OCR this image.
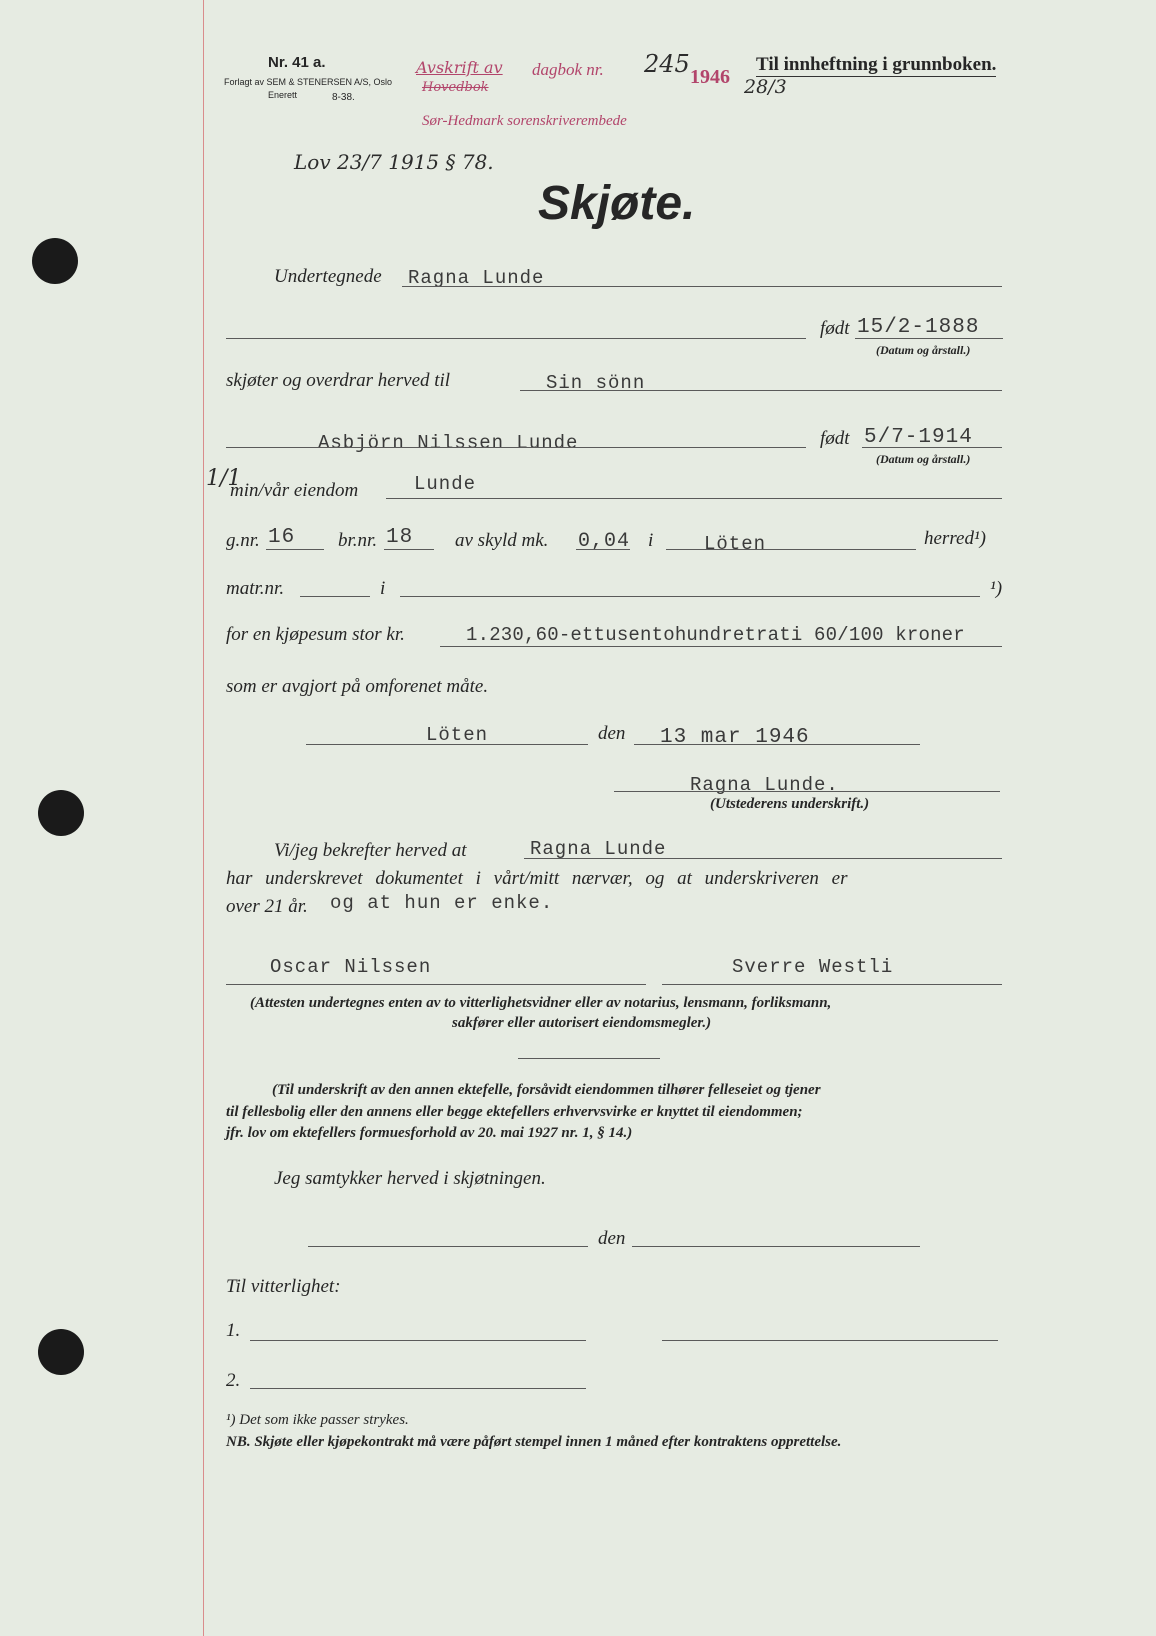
Nr. 41 a.
Forlagt av SEM & STENERSEN A/S, Oslo
Enerett	8-38.
Avskrift av
Hovedbok
dagbok nr. 245 1946 28/3
Sør-Hedmark sorenskriverembede
Til innheftning i grunnboken.
Lov 23/7 1915 § 78.
Skjøte.
Undertegnede Ragna Lunde
født 15/2-1888
(Datum og årstall.)
skjøter og overdrar herved til	Sin sönn
Asbjörn Nilssen Lunde	født 5/7-1914
(Datum og årstall.)
1/1
min/vår eiendom	Lunde
g.nr. 16 br.nr. 18 av skyld mk. 0,04 i	Löten	herred¹)
matr.nr.	i	¹)
for en kjøpesum stor kr.	1.230,60-ettusentohundretrati 60/100 kroner
som er avgjort på omforenet måte.
Löten	den 13 mar 1946
Ragna Lunde.
(Utstederens underskrift.)
Vi/jeg bekrefter herved at	Ragna Lunde
har underskrevet dokumentet i vårt/mitt nærvær, og at underskriveren er
over 21 år. og at hun er enke.
Oscar Nilssen	Sverre Westli
(Attesten undertegnes enten av to vitterlighetsvidner eller av notarius, lensmann, forliksmann,
sakfører eller autorisert eiendomsmegler.)
(Til underskrift av den annen ektefelle, forsåvidt eiendommen tilhører felleseiet og tjener
til fellesbolig eller den annens eller begge ektefellers erhvervsvirke er knyttet til eiendommen;
jfr. lov om ektefellers formuesforhold av 20. mai 1927 nr. 1, § 14.)
Jeg samtykker herved i skjøtningen.
den
Til vitterlighet:
1.
2.
¹) Det som ikke passer strykes.
NB. Skjøte eller kjøpekontrakt må være påført stempel innen 1 måned efter kontraktens opprettelse.
